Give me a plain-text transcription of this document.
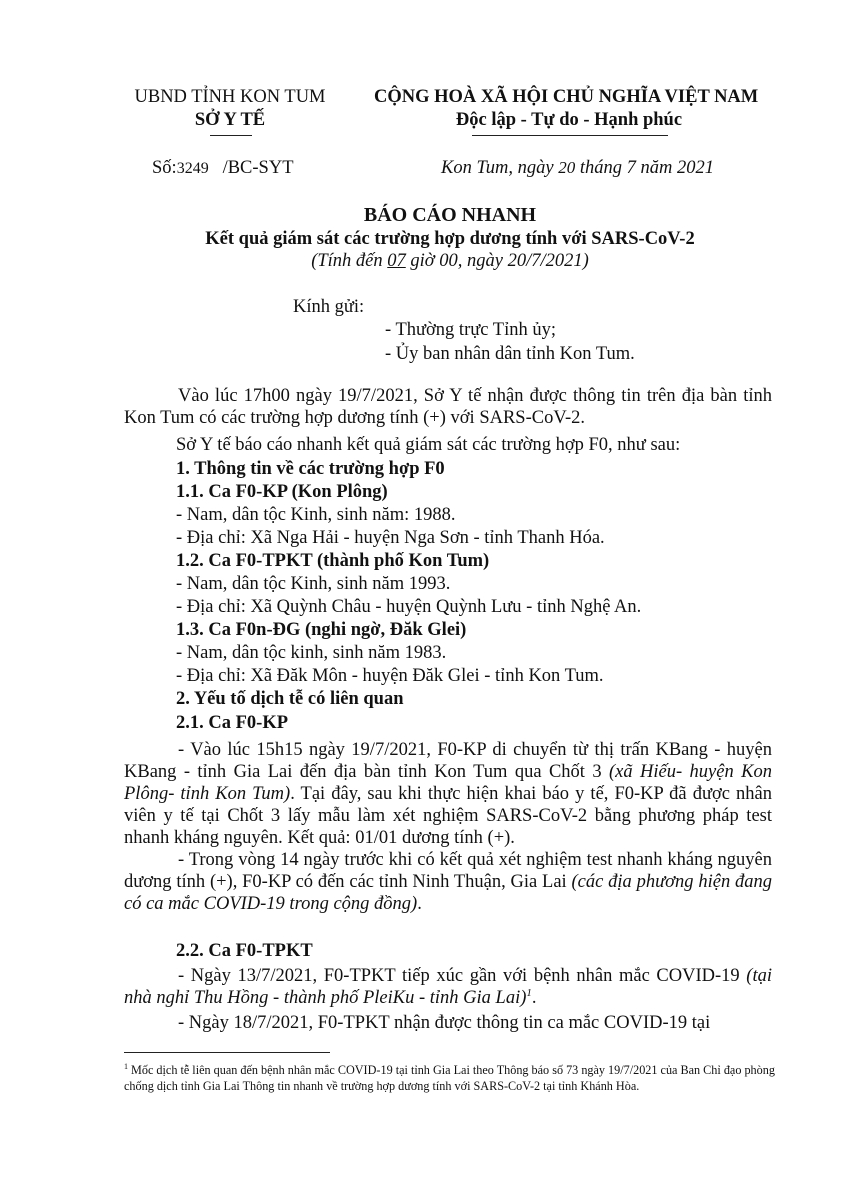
UBND TỈNH KON TUM
SỞ Y TẾ
Số:3249 /BC-SYT
CỘNG HOÀ XÃ HỘI CHỦ NGHĨA VIỆT NAM
Độc lập - Tự do - Hạnh phúc
Kon Tum, ngày 20 tháng 7 năm 2021
BÁO CÁO NHANH
Kết quả giám sát các trường hợp dương tính với SARS-CoV-2
(Tính đến 07 giờ 00, ngày 20/7/2021)
Kính gửi:
- Thường trực Tỉnh ủy;
- Ủy ban nhân dân tỉnh Kon Tum.
Vào lúc 17h00 ngày 19/7/2021, Sở Y tế nhận được thông tin trên địa bàn tỉnh Kon Tum có các trường hợp dương tính (+) với SARS-CoV-2.
Sở Y tế báo cáo nhanh kết quả giám sát các trường hợp F0, như sau:
1. Thông tin về các trường hợp F0
1.1. Ca F0-KP (Kon Plông)
- Nam, dân tộc Kinh, sinh năm: 1988.
- Địa chỉ: Xã Nga Hải - huyện Nga Sơn - tỉnh Thanh Hóa.
1.2. Ca F0-TPKT (thành phố Kon Tum)
- Nam, dân tộc Kinh, sinh năm 1993.
- Địa chỉ: Xã Quỳnh Châu - huyện Quỳnh Lưu - tỉnh Nghệ An.
1.3. Ca F0n-ĐG (nghi ngờ, Đăk Glei)
- Nam, dân tộc kinh, sinh năm 1983.
- Địa chỉ: Xã Đăk Môn - huyện Đăk Glei - tỉnh Kon Tum.
2. Yếu tố dịch tễ có liên quan
2.1. Ca F0-KP
- Vào lúc 15h15 ngày 19/7/2021, F0-KP di chuyển từ thị trấn KBang - huyện KBang - tỉnh Gia Lai đến địa bàn tỉnh Kon Tum qua Chốt 3 (xã Hiếu- huyện Kon Plông- tỉnh Kon Tum). Tại đây, sau khi thực hiện khai báo y tế, F0-KP đã được nhân viên y tế tại Chốt 3 lấy mẫu làm xét nghiệm SARS-CoV-2 bằng phương pháp test nhanh kháng nguyên. Kết quả: 01/01 dương tính (+).
- Trong vòng 14 ngày trước khi có kết quả xét nghiệm test nhanh kháng nguyên dương tính (+), F0-KP có đến các tỉnh Ninh Thuận, Gia Lai (các địa phương hiện đang có ca mắc COVID-19 trong cộng đồng).
2.2. Ca F0-TPKT
- Ngày 13/7/2021, F0-TPKT tiếp xúc gần với bệnh nhân mắc COVID-19 (tại nhà nghỉ Thu Hồng - thành phố PleiKu - tỉnh Gia Lai)$^1$.
- Ngày 18/7/2021, F0-TPKT nhận được thông tin ca mắc COVID-19 tại
$^1$ Mốc dịch tễ liên quan đến bệnh nhân mắc COVID-19 tại tỉnh Gia Lai theo Thông báo số 73 ngày 19/7/2021 của Ban Chỉ đạo phòng chống dịch tỉnh Gia Lai Thông tin nhanh về trường hợp dương tính với SARS-CoV-2 tại tỉnh Khánh Hòa.
